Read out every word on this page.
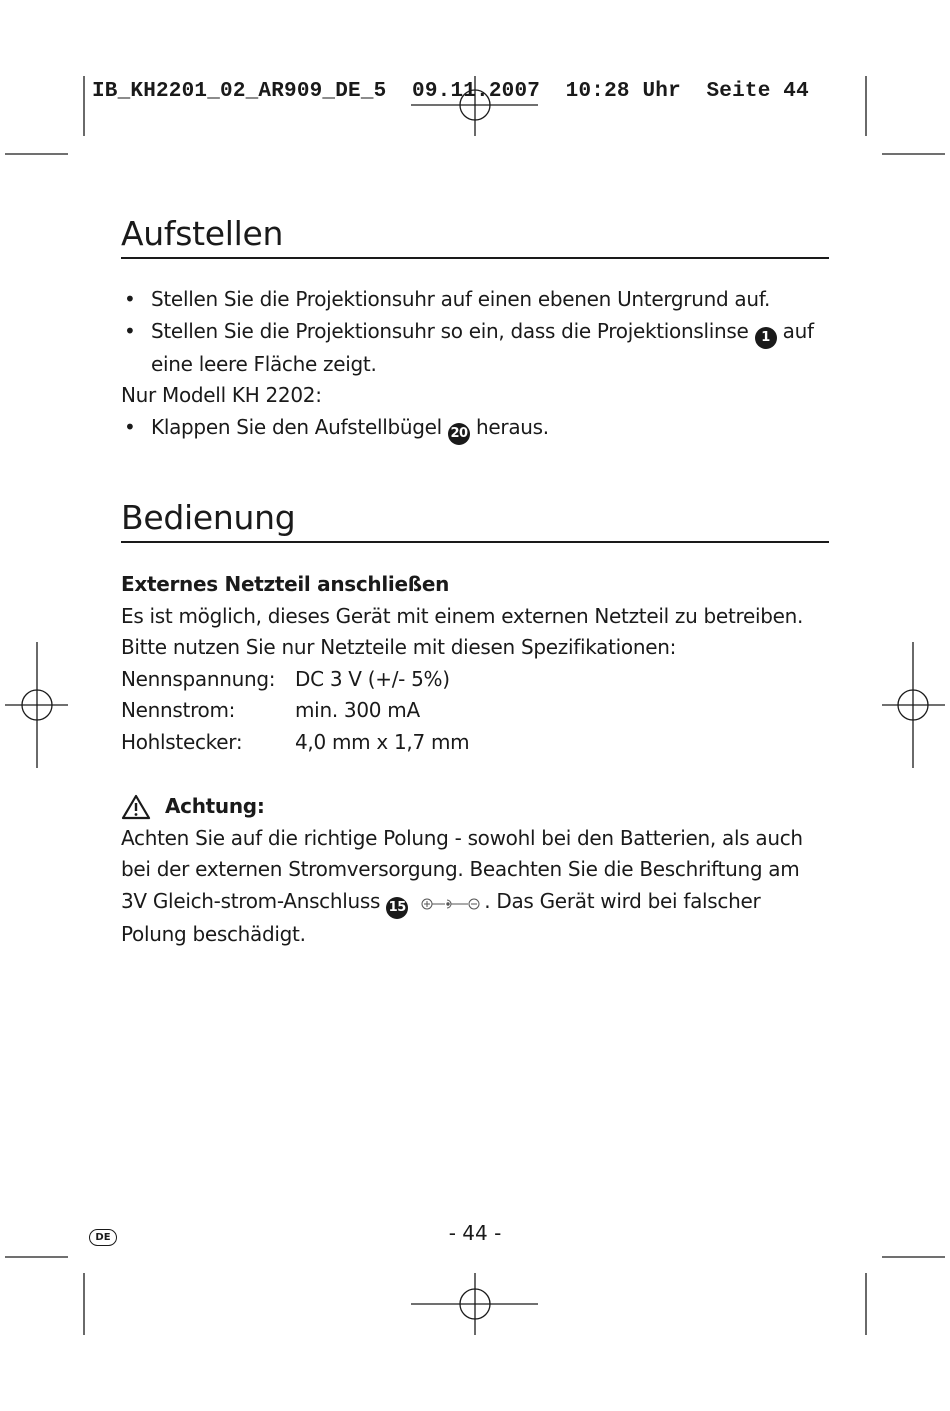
IB_KH2201_02_AR909_DE_5  09.11.2007  10:28 Uhr  Seite 44
Aufstellen
• Stellen Sie die Projektionsuhr auf einen ebenen Untergrund auf.
• Stellen Sie die Projektionsuhr so ein, dass die Projektionslinse 1 auf eine leere Fläche zeigt.
Nur Modell KH 2202:
• Klappen Sie den Aufstellbügel 20 heraus.
Bedienung
Externes Netzteil anschließen
Es ist möglich, dieses Gerät mit einem externen Netzteil zu betreiben. Bitte nutzen Sie nur Netzteile mit diesen Spezifikationen:
Nennspannung:	DC 3 V (+/- 5%)
Nennstrom:	min. 300 mA
Hohlstecker:	4,0 mm x 1,7 mm
Achtung:
Achten Sie auf die richtige Polung - sowohl bei den Batterien, als auch bei der externen Stromversorgung. Beachten Sie die Beschriftung am 3V Gleich-strom-Anschluss 15	. Das Gerät wird bei falscher Polung beschädigt.
DE	- 44 -
